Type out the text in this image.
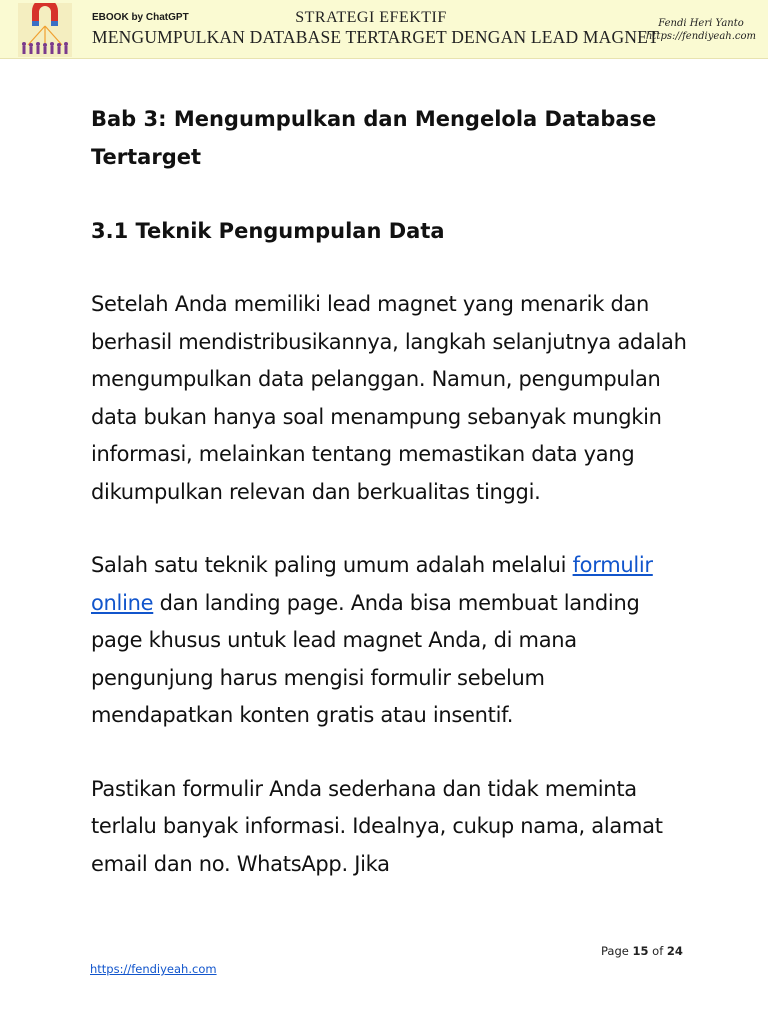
EBOOK by ChatGPT	STRATEGI EFEKTIF
MENGUMPULKAN DATABASE TERTARGET DENGAN LEAD MAGNET
Fendi Heri Yanto
https://fendiyeah.com
Bab 3: Mengumpulkan dan Mengelola Database Tertarget
3.1 Teknik Pengumpulan Data

Setelah Anda memiliki lead magnet yang menarik dan berhasil mendistribusikannya, langkah selanjutnya adalah mengumpulkan data pelanggan. Namun, pengumpulan data bukan hanya soal menampung sebanyak mungkin informasi, melainkan tentang memastikan data yang dikumpulkan relevan dan berkualitas tinggi.

Salah satu teknik paling umum adalah melalui formulir online dan landing page. Anda bisa membuat landing page khusus untuk lead magnet Anda, di mana pengunjung harus mengisi formulir sebelum mendapatkan konten gratis atau insentif.

Pastikan formulir Anda sederhana dan tidak meminta terlalu banyak informasi. Idealnya, cukup nama, alamat email dan no. WhatsApp. Jika

Page 15 of 24
https://fendiyeah.com
